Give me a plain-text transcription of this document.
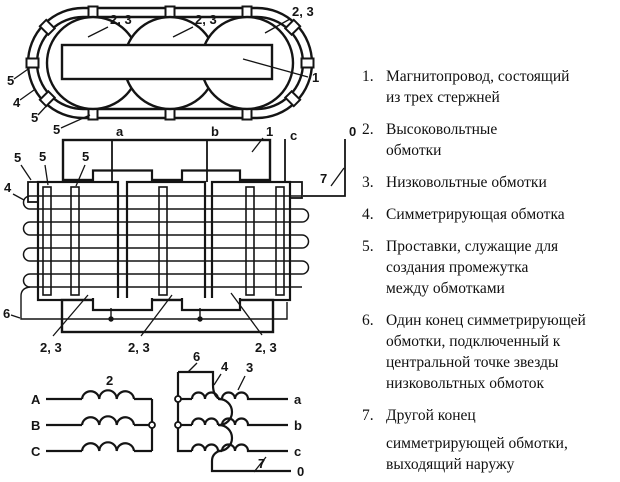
2, 3	2, 3
2, 3
1
5
4
5
5	a	b	1 c	0
7
5 5	5
4
6
2, 3	2, 3	2, 3
2
A
B
C
6
4 3
a
b
c
7
0
1. Магнитопровод, состоящий
из трех стержней
2. Высоковольтные
обмотки
3. Низковольтные обмотки
4. Симметрирующая обмотка
5. Проставки, служащие для
создания промежутка
между обмотками
6. Один конец симметрирующей
обмотки, подключенный к
центральной точке звезды
низковольтных обмоток
7. Другой конец
симметрирующей обмотки,
выходящий наружу
